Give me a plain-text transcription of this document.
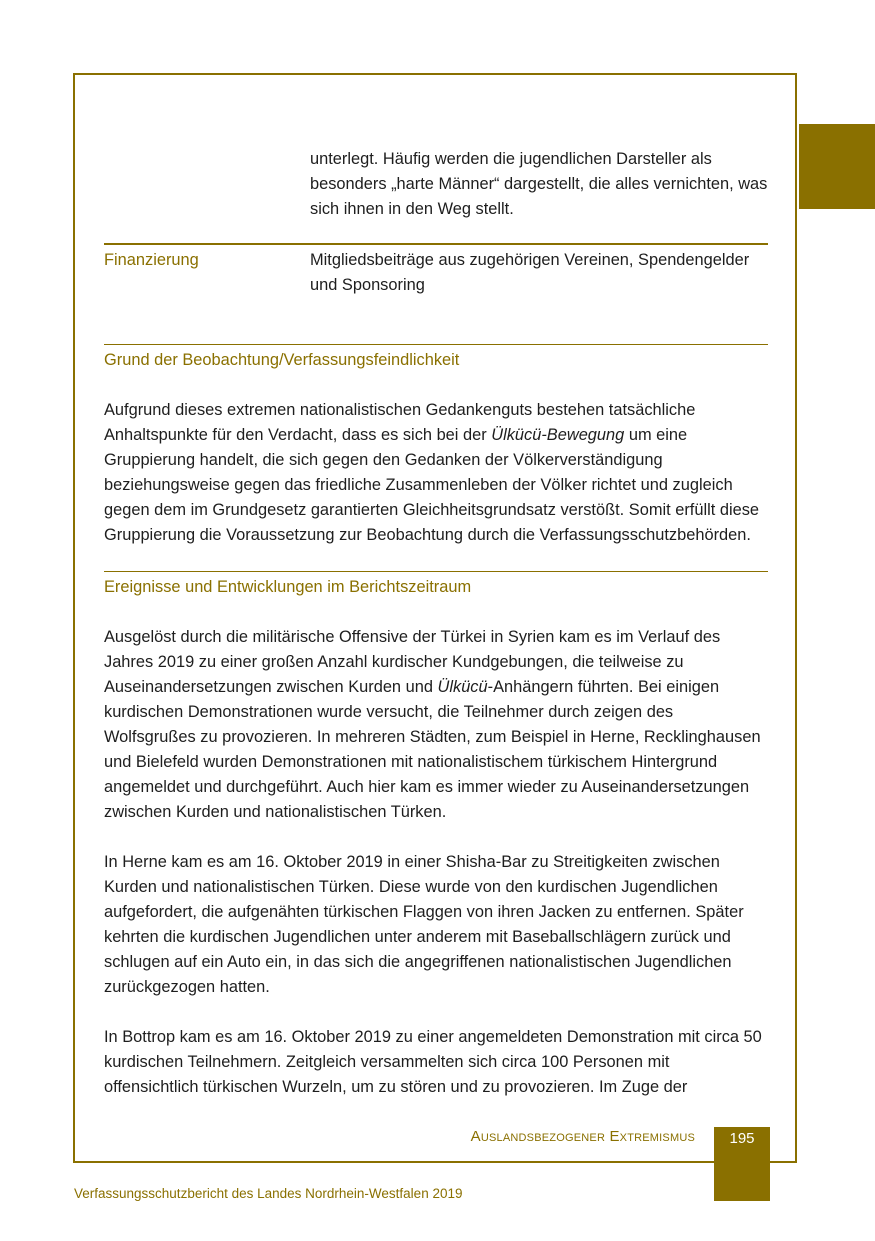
unterlegt. Häufig werden die jugendlichen Darsteller als besonders „harte Männer“ dargestellt, die alles vernichten, was sich ihnen in den Weg stellt.
Finanzierung	Mitgliedsbeiträge aus zugehörigen Vereinen, Spendengelder und Sponsoring
Grund der Beobachtung/Verfassungsfeindlichkeit

Aufgrund dieses extremen nationalistischen Gedankenguts bestehen tatsächliche Anhaltspunkte für den Verdacht, dass es sich bei der Ülkücü-Bewegung um eine Gruppierung handelt, die sich gegen den Gedanken der Völkerverständigung beziehungsweise gegen das friedliche Zusammenleben der Völker richtet und zugleich gegen dem im Grundgesetz garantierten Gleichheitsgrundsatz verstößt. Somit erfüllt diese Gruppierung die Voraussetzung zur Beobachtung durch die Verfassungsschutzbehörden.

Ereignisse und Entwicklungen im Berichtszeitraum

Ausgelöst durch die militärische Offensive der Türkei in Syrien kam es im Verlauf des Jahres 2019 zu einer großen Anzahl kurdischer Kundgebungen, die teilweise zu Auseinandersetzungen zwischen Kurden und Ülkücü-Anhängern führten. Bei einigen kurdischen Demonstrationen wurde versucht, die Teilnehmer durch zeigen des Wolfsgrußes zu provozieren. In mehreren Städten, zum Beispiel in Herne, Recklinghausen und Bielefeld wurden Demonstrationen mit nationalistischem türkischem Hintergrund angemeldet und durchgeführt. Auch hier kam es immer wieder zu Auseinandersetzungen zwischen Kurden und nationalistischen Türken.

In Herne kam es am 16. Oktober 2019 in einer Shisha-Bar zu Streitigkeiten zwischen Kurden und nationalistischen Türken. Diese wurde von den kurdischen Jugendlichen aufgefordert, die aufgenähten türkischen Flaggen von ihren Jacken zu entfernen. Später kehrten die kurdischen Jugendlichen unter anderem mit Baseballschlägern zurück und schlugen auf ein Auto ein, in das sich die angegriffenen nationalistischen Jugendlichen zurückgezogen hatten.

In Bottrop kam es am 16. Oktober 2019 zu einer angemeldeten Demonstration mit circa 50 kurdischen Teilnehmern. Zeitgleich versammelten sich circa 100 Personen mit offensichtlich türkischen Wurzeln, um zu stören und zu provozieren. Im Zuge der

Auslandsbezogener Extremismus	195
Verfassungsschutzbericht des Landes Nordrhein-Westfalen 2019
